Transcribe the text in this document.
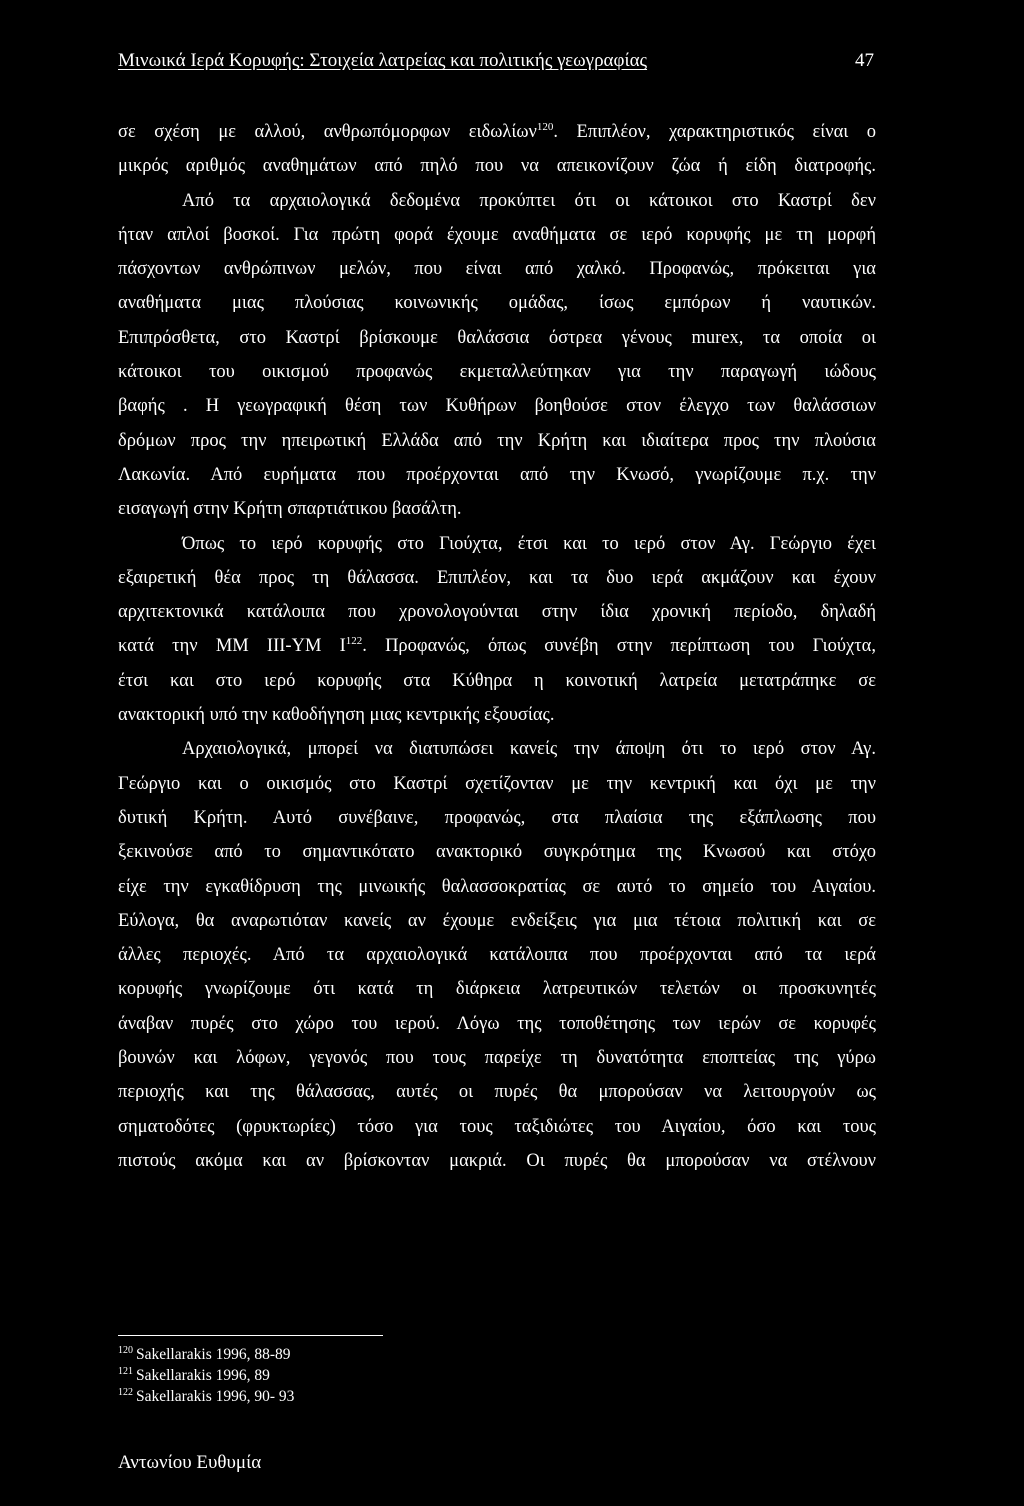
Μινωικά Ιερά Κορυφής: Στοιχεία λατρείας και πολιτικής γεωγραφίας	47
σε σχέση με αλλού, ανθρωπόμορφων ειδωλίων$^{120}$. Επιπλέον, χαρακτηριστικός είναι ο
μικρός αριθμός αναθημάτων από πηλό που να απεικονίζουν ζώα ή είδη διατροφής.
Από τα αρχαιολογικά δεδομένα προκύπτει ότι οι κάτοικοι στο Καστρί δεν
ήταν απλοί βοσκοί. Για πρώτη φορά έχουμε αναθήματα σε ιερό κορυφής με τη μορφή
πάσχοντων ανθρώπινων μελών, που είναι από χαλκό. Προφανώς, πρόκειται για
αναθήματα μιας πλούσιας κοινωνικής ομάδας, ίσως εμπόρων ή ναυτικών.
Επιπρόσθετα, στο Καστρί βρίσκουμε θαλάσσια όστρεα γένους murex, τα οποία οι
κάτοικοι του οικισμού προφανώς εκμεταλλεύτηκαν για την παραγωγή ιώδους
βαφής . Η γεωγραφική θέση των Κυθήρων βοηθούσε στον έλεγχο των θαλάσσιων
δρόμων προς την ηπειρωτική Ελλάδα από την Κρήτη και ιδιαίτερα προς την πλούσια
Λακωνία. Από ευρήματα που προέρχονται από την Κνωσό, γνωρίζουμε π.χ. την
εισαγωγή στην Κρήτη σπαρτιάτικου βασάλτη.
Όπως το ιερό κορυφής στο Γιούχτα, έτσι και το ιερό στον Αγ. Γεώργιο έχει
εξαιρετική θέα προς τη θάλασσα. Επιπλέον, και τα δυο ιερά ακμάζουν και έχουν
αρχιτεκτονικά κατάλοιπα που χρονολογούνται στην ίδια χρονική περίοδο, δηλαδή
κατά την ΜΜ ΙΙΙ-ΥΜ $I^{122}$. Προφανώς, όπως συνέβη στην περίπτωση του Γιούχτα,
έτσι και στο ιερό κορυφής στα Κύθηρα η κοινοτική λατρεία μετατράπηκε σε
ανακτορική υπό την καθοδήγηση μιας κεντρικής εξουσίας.
Αρχαιολογικά, μπορεί να διατυπώσει κανείς την άποψη ότι το ιερό στον Αγ.
Γεώργιο και ο οικισμός στο Καστρί σχετίζονταν με την κεντρική και όχι με την
δυτική Κρήτη. Αυτό συνέβαινε, προφανώς, στα πλαίσια της εξάπλωσης που
ξεκινούσε από το σημαντικότατο ανακτορικό συγκρότημα της Κνωσού και στόχο
είχε την εγκαθίδρυση της μινωικής θαλασσοκρατίας σε αυτό το σημείο του Αιγαίου.
Εύλογα, θα αναρωτιόταν κανείς αν έχουμε ενδείξεις για μια τέτοια πολιτική και σε
άλλες περιοχές. Από τα αρχαιολογικά κατάλοιπα που προέρχονται από τα ιερά
κορυφής γνωρίζουμε ότι κατά τη διάρκεια λατρευτικών τελετών οι προσκυνητές
άναβαν πυρές στο χώρο του ιερού. Λόγω της τοποθέτησης των ιερών σε κορυφές
βουνών και λόφων, γεγονός που τους παρείχε τη δυνατότητα εποπτείας της γύρω
περιοχής και της θάλασσας, αυτές οι πυρές θα μπορούσαν να λειτουργούν ως
σηματοδότες (φρυκτωρίες) τόσο για τους ταξιδιώτες του Αιγαίου, όσο και τους
πιστούς ακόμα και αν βρίσκονταν μακριά. Οι πυρές θα μπορούσαν να στέλνουν
$^{120}$ Sakellarakis 1996, 88-89
$^{121}$ Sakellarakis 1996, 89
$^{122}$ Sakellarakis 1996, 90- 93
Αντωνίου Ευθυμία
